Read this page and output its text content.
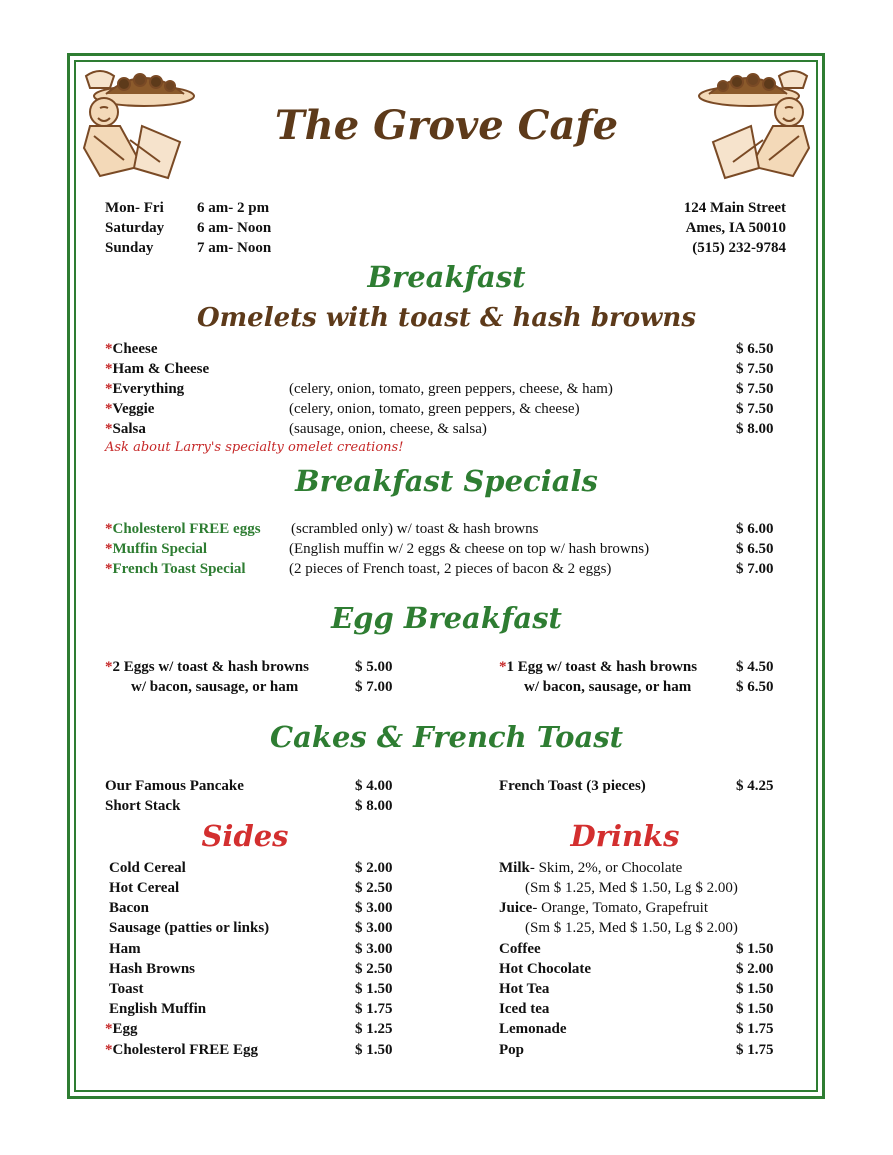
The Grove Cafe
Mon- Fri 6 am- 2 pm
Saturday 6 am- Noon
Sunday	7 am- Noon
124 Main Street
Ames, IA 50010
(515) 232-9784
Breakfast
Omelets with toast & hash browns
*Cheese	$ 6.50
*Ham & Cheese	$ 7.50
*Everything	(celery, onion, tomato, green peppers, cheese, & ham)	$ 7.50
*Veggie	(celery, onion, tomato, green peppers, & cheese)	$ 7.50
*Salsa	(sausage, onion, cheese, & salsa)	$ 8.00
Ask about Larry's specialty omelet creations!
Breakfast Specials
*Cholesterol FREE eggs (scrambled only) w/ toast & hash browns	$ 6.00
*Muffin Special	(English muffin w/ 2 eggs & cheese on top w/ hash browns)	$ 6.50
*French Toast Special	(2 pieces of French toast, 2 pieces of bacon & 2 eggs)	$ 7.00
Egg Breakfast
*2 Eggs w/ toast & hash browns	$ 5.00
w/ bacon, sausage, or ham	$ 7.00
*1 Egg w/ toast & hash browns	$ 4.50
w/ bacon, sausage, or ham	$ 6.50
Cakes & French Toast
Our Famous Pancake	$ 4.00
Short Stack	$ 8.00
French Toast (3 pieces)	$ 4.25
Sides
Cold Cereal	$ 2.00
Hot Cereal	$ 2.50
Bacon	$ 3.00
Sausage (patties or links)	$ 3.00
Ham	$ 3.00
Hash Browns	$ 2.50
Toast	$ 1.50
English Muffin	$ 1.75
*Egg	$ 1.25
*Cholesterol FREE Egg	$ 1.50
Drinks
Milk- Skim, 2%, or Chocolate
(Sm $ 1.25, Med $ 1.50, Lg $ 2.00)
Juice- Orange, Tomato, Grapefruit
(Sm $ 1.25, Med $ 1.50, Lg $ 2.00)
Coffee	$ 1.50
Hot Chocolate	$ 2.00
Hot Tea	$ 1.50
Iced tea	$ 1.50
Lemonade	$ 1.75
Pop	$ 1.75
